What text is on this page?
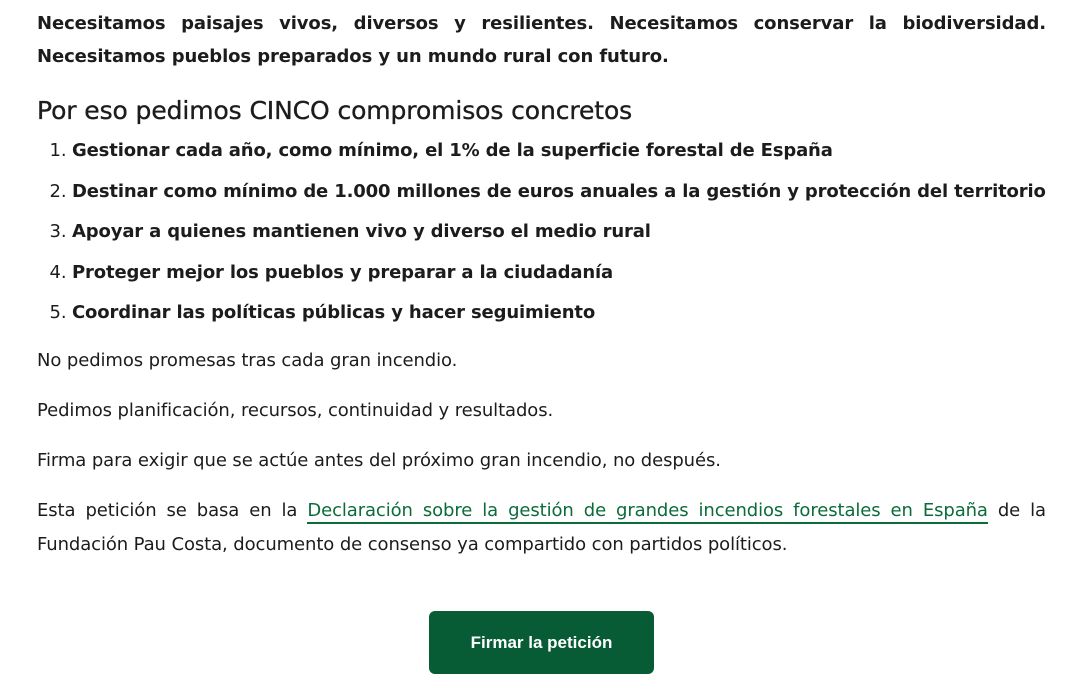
Necesitamos paisajes vivos, diversos y resilientes. Necesitamos conservar la biodiversidad. Necesitamos pueblos preparados y un mundo rural con futuro.

Por eso pedimos CINCO compromisos concretos
1. Gestionar cada año, como mínimo, el 1% de la superficie forestal de España
2. Destinar como mínimo de 1.000 millones de euros anuales a la gestión y protección del territorio
3. Apoyar a quienes mantienen vivo y diverso el medio rural
4. Proteger mejor los pueblos y preparar a la ciudadanía
5. Coordinar las políticas públicas y hacer seguimiento

No pedimos promesas tras cada gran incendio.

Pedimos planificación, recursos, continuidad y resultados.

Firma para exigir que se actúe antes del próximo gran incendio, no después.

Esta petición se basa en la Declaración sobre la gestión de grandes incendios forestales en España de la Fundación Pau Costa, documento de consenso ya compartido con partidos políticos.

Firmar la petición
